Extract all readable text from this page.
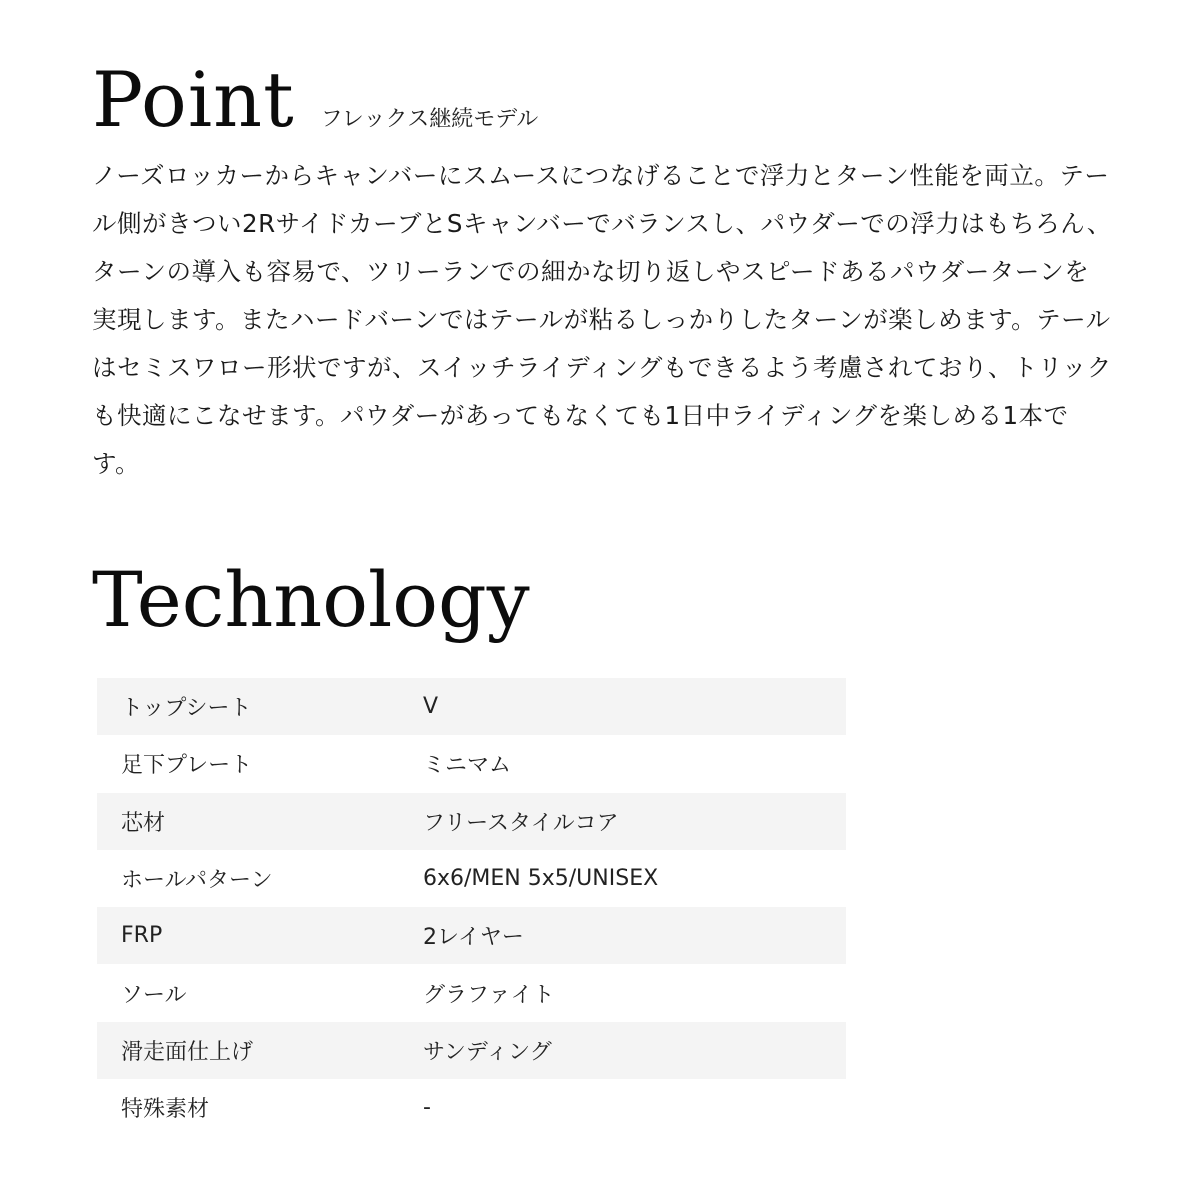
Point フレックス継続モデル

ノーズロッカーからキャンバーにスムースにつなげることで浮力とターン性能を両立。テール側がきつい2RサイドカーブとSキャンバーでバランスし、パウダーでの浮力はもちろん、ターンの導入も容易で、ツリーランでの細かな切り返しやスピードあるパウダーターンを実現します。またハードバーンではテールが粘るしっかりしたターンが楽しめます。テールはセミスワロー形状ですが、スイッチライディングもできるよう考慮されており、トリックも快適にこなせます。パウダーがあってもなくても1日中ライディングを楽しめる1本です。

Technology
トップシート	V
足下プレート	ミニマム
芯材	フリースタイルコア
ホールパターン	6x6/MEN 5x5/UNISEX
FRP	2レイヤー
ソール	グラファイト
滑走面仕上げ	サンディング
特殊素材	-
